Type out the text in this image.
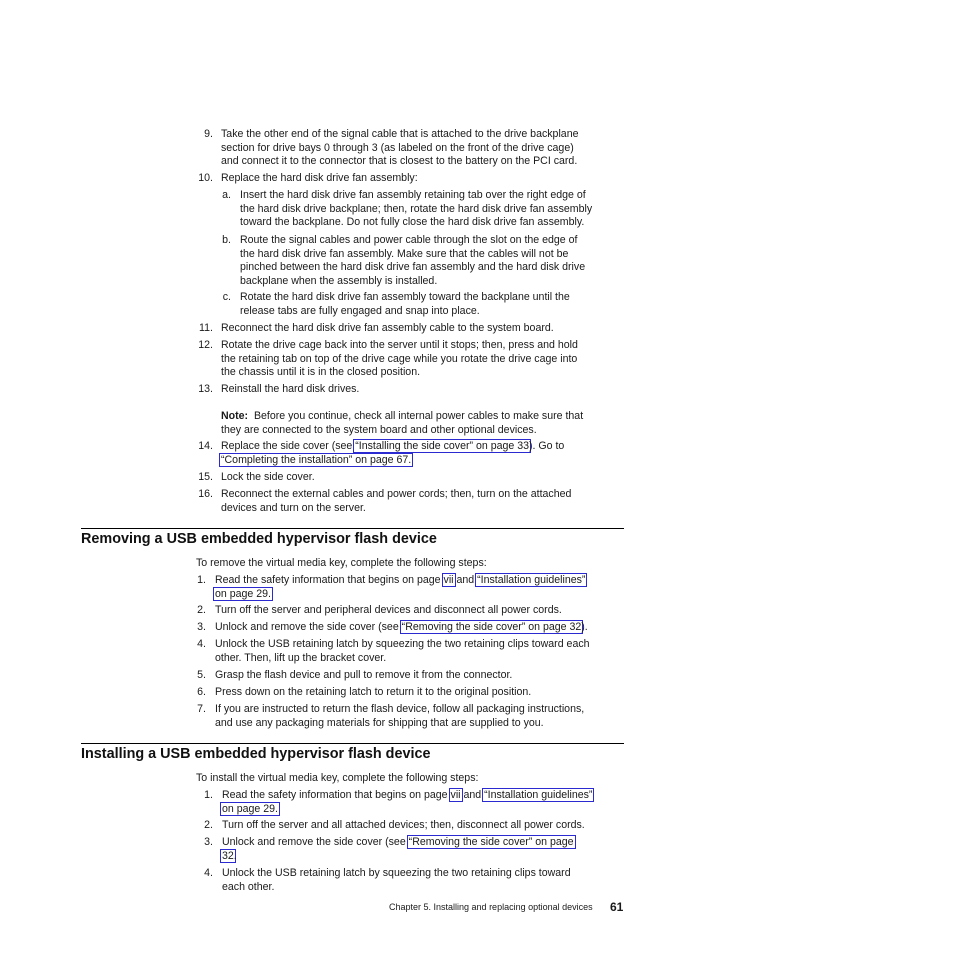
9. Take the other end of the signal cable that is attached to the drive backplane
section for drive bays 0 through 3 (as labeled on the front of the drive cage)
and connect it to the connector that is closest to the battery on the PCI card.
10. Replace the hard disk drive fan assembly:
a. Insert the hard disk drive fan assembly retaining tab over the right edge of
the hard disk drive backplane; then, rotate the hard disk drive fan assembly
toward the backplane. Do not fully close the hard disk drive fan assembly.
b. Route the signal cables and power cable through the slot on the edge of
the hard disk drive fan assembly. Make sure that the cables will not be
pinched between the hard disk drive fan assembly and the hard disk drive
backplane when the assembly is installed.
c. Rotate the hard disk drive fan assembly toward the backplane until the
release tabs are fully engaged and snap into place.
11. Reconnect the hard disk drive fan assembly cable to the system board.
12. Rotate the drive cage back into the server until it stops; then, press and hold
the retaining tab on top of the drive cage while you rotate the drive cage into
the chassis until it is in the closed position.
13. Reinstall the hard disk drives.
Note: Before you continue, check all internal power cables to make sure that
they are connected to the system board and other optional devices.
14. Replace the side cover (see “Installing the side cover” on page 33). Go to
“Completing the installation” on page 67.
15. Lock the side cover.
16. Reconnect the external cables and power cords; then, turn on the attached
devices and turn on the server.
Removing a USB embedded hypervisor flash device
To remove the virtual media key, complete the following steps:
1. Read the safety information that begins on page vii and “Installation guidelines”
on page 29.
2. Turn off the server and peripheral devices and disconnect all power cords.
3. Unlock and remove the side cover (see “Removing the side cover” on page 32).
4. Unlock the USB retaining latch by squeezing the two retaining clips toward each
other. Then, lift up the bracket cover.
5. Grasp the flash device and pull to remove it from the connector.
6. Press down on the retaining latch to return it to the original position.
7. If you are instructed to return the flash device, follow all packaging instructions,
and use any packaging materials for shipping that are supplied to you.
Installing a USB embedded hypervisor flash device
To install the virtual media key, complete the following steps:
1. Read the safety information that begins on page vii and “Installation guidelines”
on page 29.
2. Turn off the server and all attached devices; then, disconnect all power cords.
3. Unlock and remove the side cover (see “Removing the side cover” on page
32.
4. Unlock the USB retaining latch by squeezing the two retaining clips toward
each other.
Chapter 5. Installing and replacing optional devices 61
